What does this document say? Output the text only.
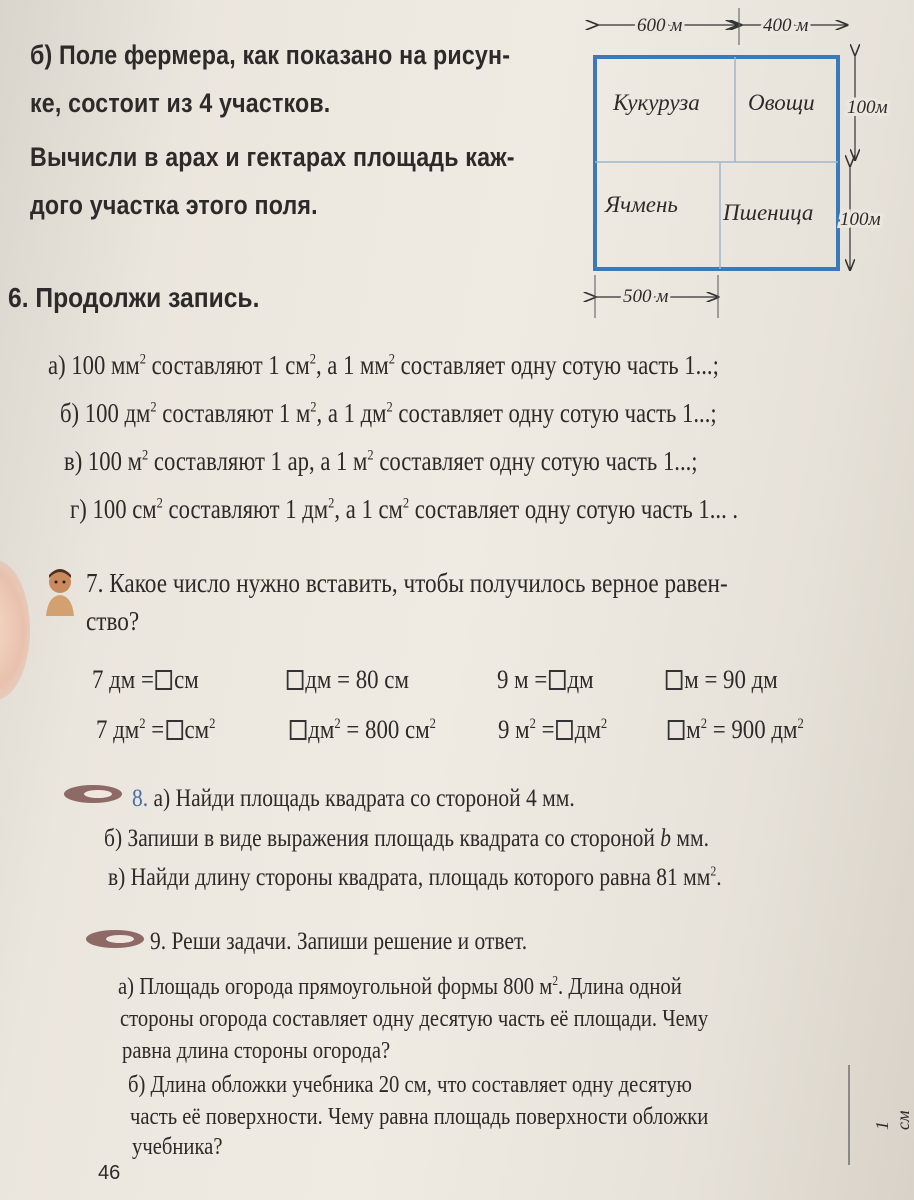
б) Поле фермера, как показано на рисун-
ке, состоит из 4 участков.
Вычисли в арах и гектарах площадь каж-
дого участка этого поля.
600 м	400 м
Кукуруза Овощи
Ячмень Пшеница
100м
100м
500 м
6. Продолжи запись.
а) 100 $мм^2$ составляют 1 $см^2$, а 1 $мм^2$ составляет одну сотую часть 1...;
б) 100 $дм^2$ составляют 1 $м^2$, а 1 $дм^2$ составляет одну сотую часть 1...;
в) 100 $м^2$ составляют 1 ар, а 1 $м^2$ составляет одну сотую часть 1...;
г) 100 $см^2$ составляют 1 $дм^2$, а 1 $см^2$ составляет одну сотую часть 1... .
7. Какое число нужно вставить, чтобы получилось верное равен-
ство?
7 дм = см	дм = 80 см	9 м = дм	м = 90 дм
7 $дм^2 = см^2$	$дм^2 = 800$ $см^2$ 9 $м^2 = дм^2$	$м^2 = 900$ $дм^2$
8. а) Найди площадь квадрата со стороной 4 мм.
б) Запиши в виде выражения площадь квадрата со стороной b мм.
в) Найди длину стороны квадрата, площадь которого равна 81 $мм^2$.
9. Реши задачи. Запиши решение и ответ.
а) Площадь огорода прямоугольной формы 800 $м^2$. Длина одной
стороны огорода составляет одну десятую часть её площади. Чему
равна длина стороны огорода?
б) Длина обложки учебника 20 см, что составляет одну десятую
часть её поверхности. Чему равна площадь поверхности обложки
учебника?
1 см
46
